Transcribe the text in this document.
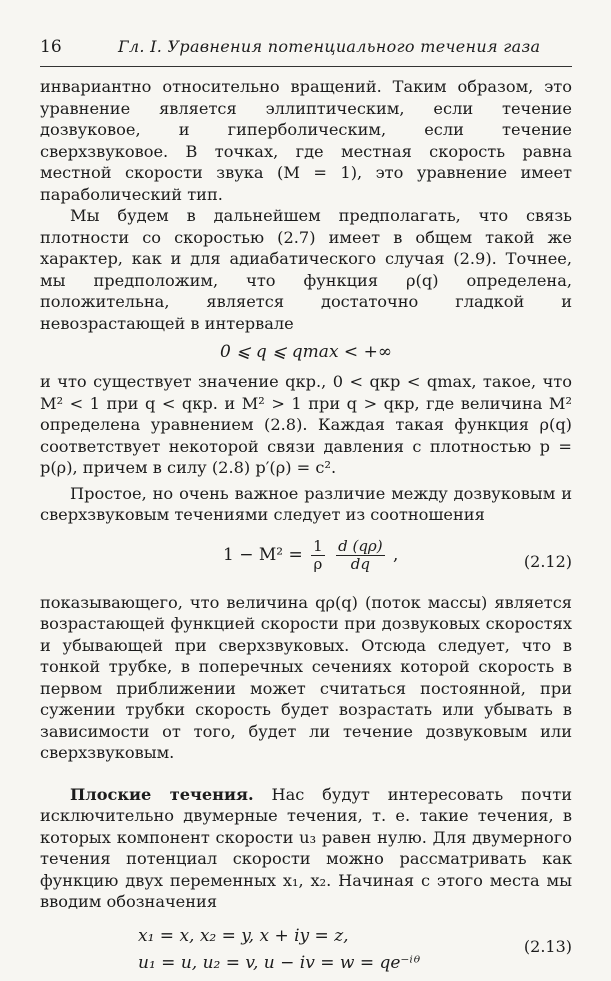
16	Гл. I. Уравнения потенциального течения газа

инвариантно относительно вращений. Таким образом, это уравнение является эллиптическим, если течение дозвуковое, и гиперболическим, если течение сверхзвуковое. В точках, где местная скорость равна местной скорости звука (M = 1), это уравнение имеет параболический тип.

Мы будем в дальнейшем предполагать, что связь плотности со скоростью (2.7) имеет в общем такой же характер, как и для адиабатического случая (2.9). Точнее, мы предположим, что функция ρ(q) определена, положительна, является достаточно гладкой и невозрастающей в интервале

0 ⩽ q ⩽ qmax < +∞

и что существует значение qкр., 0 < qкр < qmax, такое, что M² < 1 при q < qкр. и M² > 1 при q > qкр, где величина M² определена уравнением (2.8). Каждая такая функция ρ(q) соответствует некоторой связи давления с плотностью p = p(ρ), причем в силу (2.8) p′(ρ) = c².

Простое, но очень важное различие между дозвуковым и сверхзвуковым течениями следует из соотношения

$1 - M^2 = \frac{1}{\rho}$
$\frac{d (q\rho)}{dq}$ ,	(2.12)

показывающего, что величина qρ(q) (поток массы) является возрастающей функцией скорости при дозвуковых скоростях и убывающей при сверхзвуковых. Отсюда следует, что в тонкой трубке, в поперечных сечениях которой скорость в первом приближении может считаться постоянной, при сужении трубки скорость будет возрастать или убывать в зависимости от того, будет ли течение дозвуковым или сверхзвуковым.

Плоские течения. Нас будут интересовать почти исключительно двумерные течения, т. е. такие течения, в которых компонент скорости u₃ равен нулю. Для двумерного течения потенциал скорости можно рассматривать как функцию двух переменных x₁, x₂. Начиная с этого места мы вводим обозначения

x₁ = x, x₂ = y, x + iy = z,
u₁ = u, u₂ = v, u − iv = w = qe⁻ⁱᶿ
(2.13)
